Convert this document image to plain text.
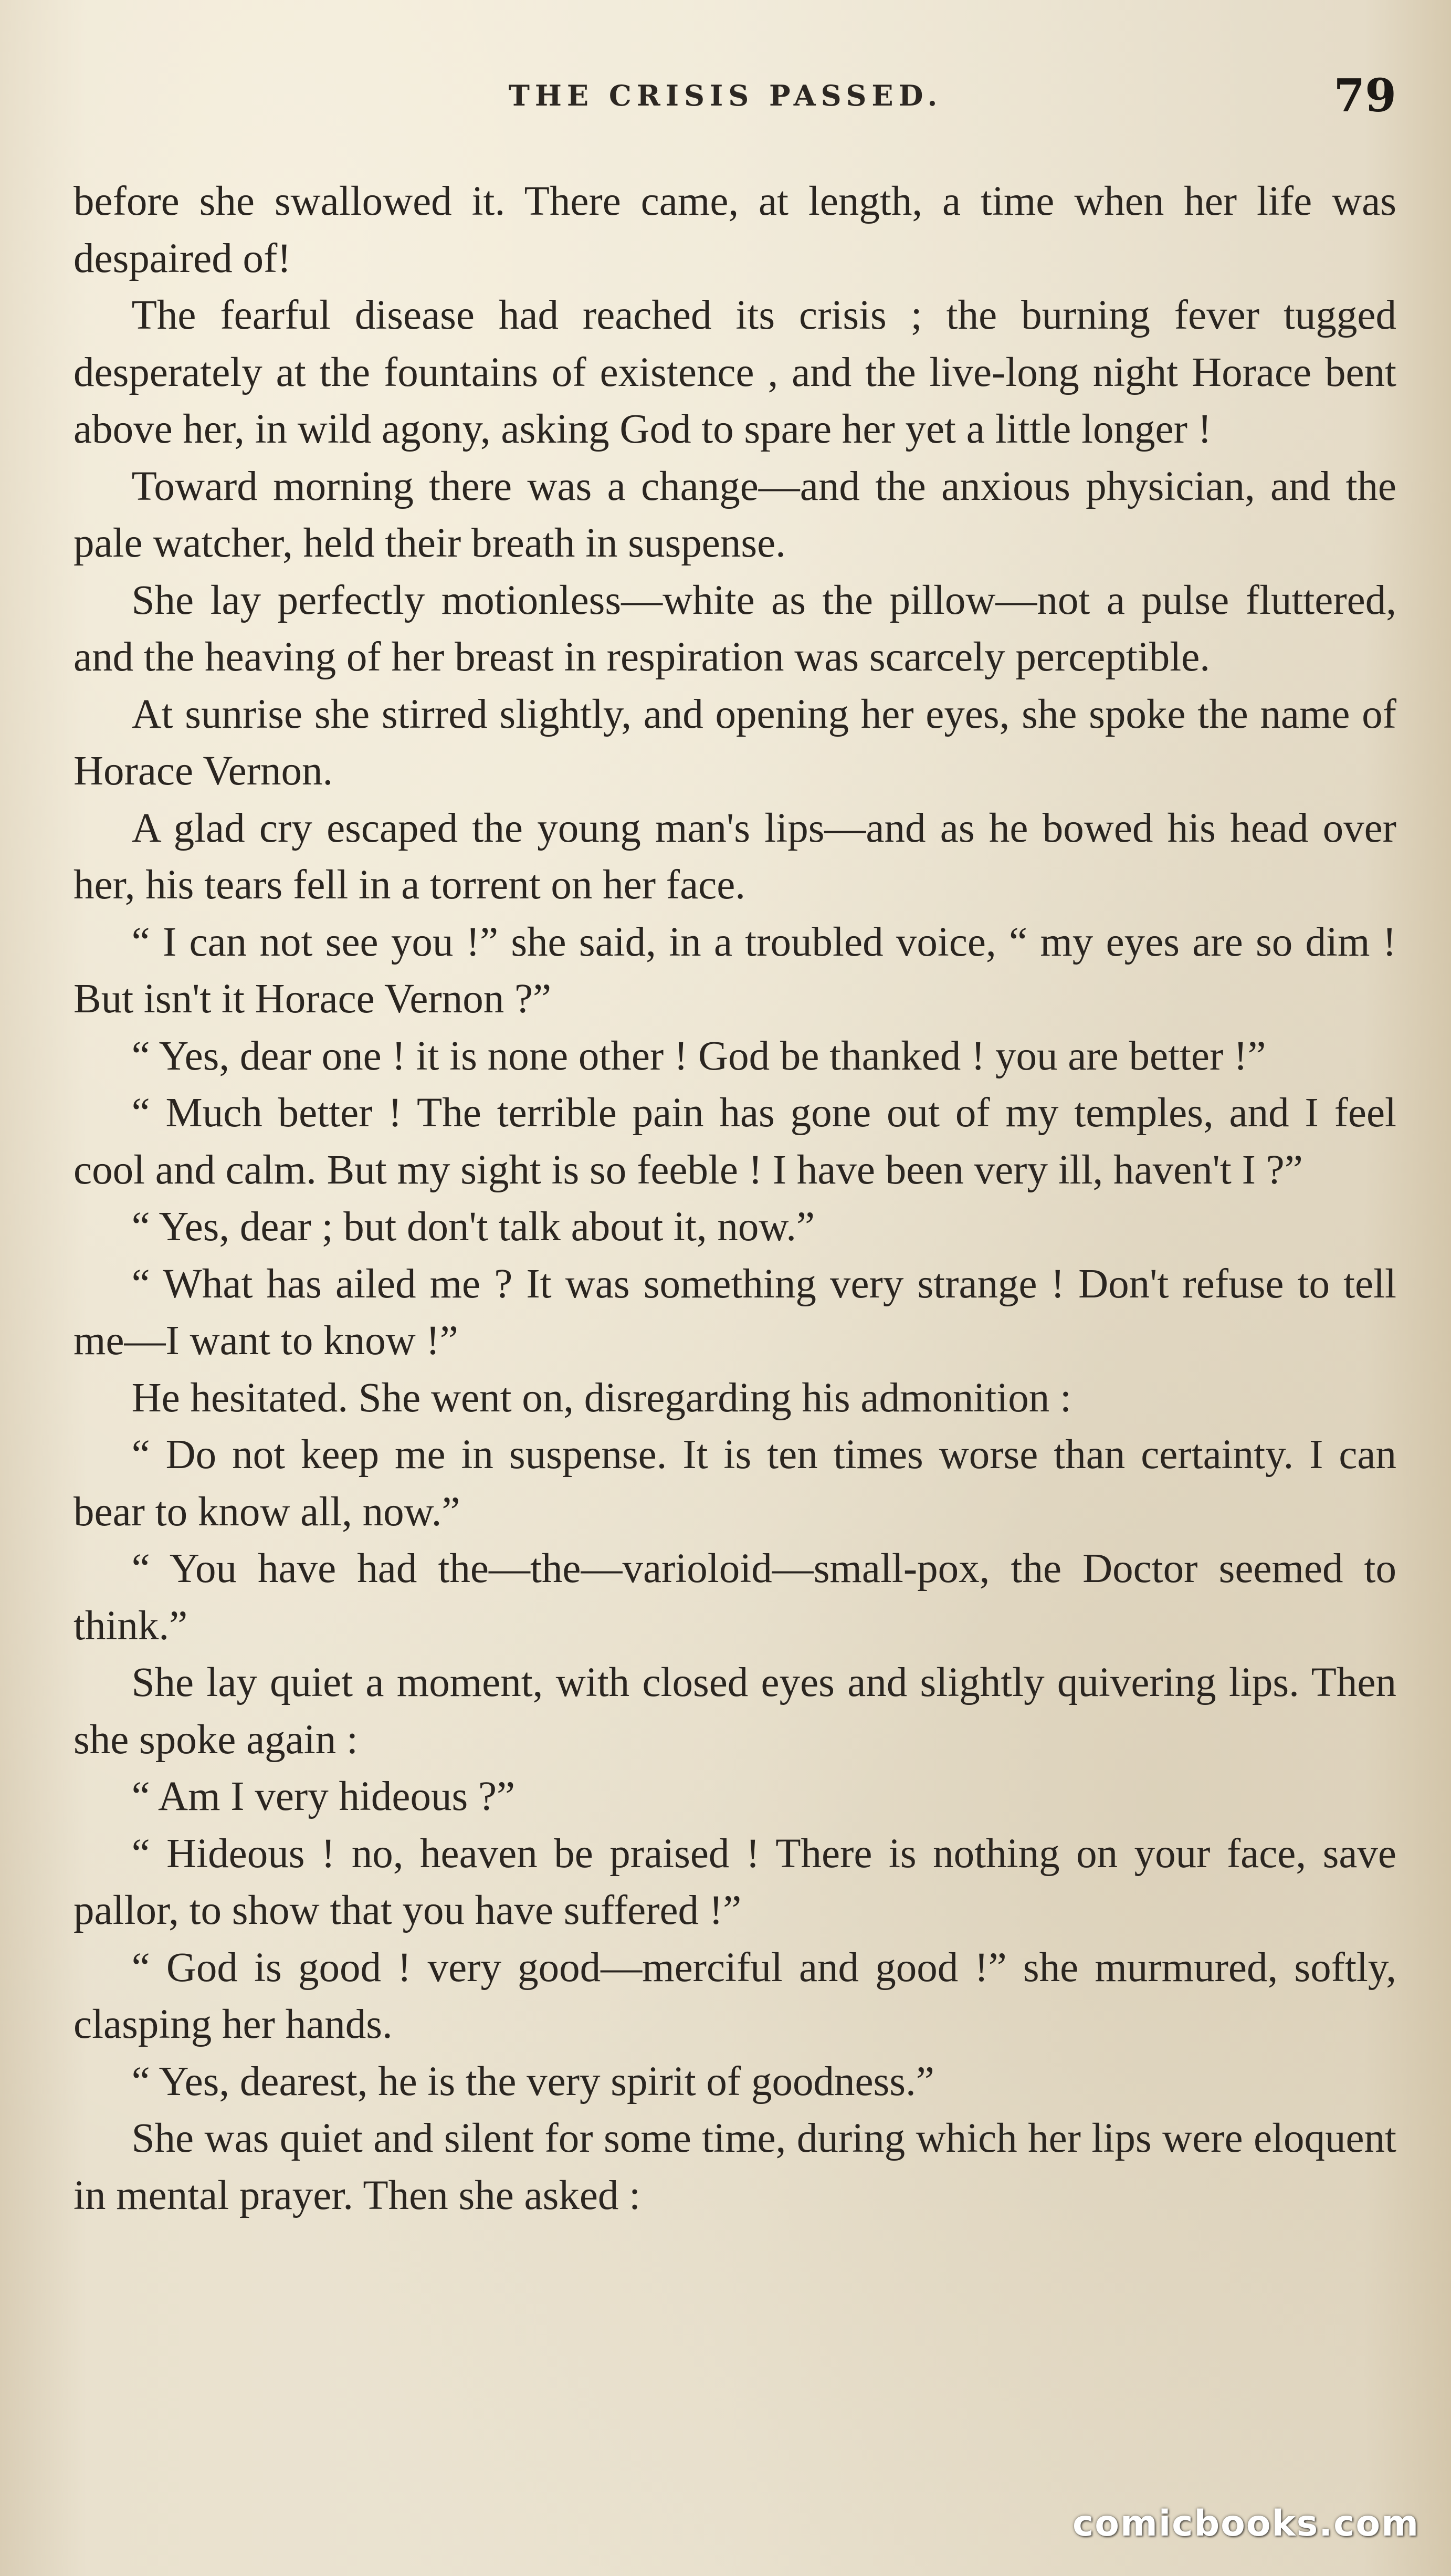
THE CRISIS PASSED.	79

before she swallowed it. There came, at length, a time when her life was despaired of!

The fearful disease had reached its crisis ; the burning fever tugged desperately at the fountains of existence , and the live-long night Horace bent above her, in wild agony, asking God to spare her yet a little longer !

Toward morning there was a change—and the anxious physician, and the pale watcher, held their breath in suspense.

She lay perfectly motionless—white as the pillow—not a pulse fluttered, and the heaving of her breast in respiration was scarcely perceptible.

At sunrise she stirred slightly, and opening her eyes, she spoke the name of Horace Vernon.

A glad cry escaped the young man's lips—and as he bowed his head over her, his tears fell in a torrent on her face.

“ I can not see you !” she said, in a troubled voice, “ my eyes are so dim ! But isn't it Horace Vernon ?”

“ Yes, dear one ! it is none other ! God be thanked ! you are better !”

“ Much better ! The terrible pain has gone out of my temples, and I feel cool and calm. But my sight is so feeble ! I have been very ill, haven't I ?”

“ Yes, dear ; but don't talk about it, now.”

“ What has ailed me ? It was something very strange ! Don't refuse to tell me—I want to know !”

He hesitated. She went on, disregarding his admonition :

“ Do not keep me in suspense. It is ten times worse than certainty. I can bear to know all, now.”

“ You have had the—the—varioloid—small-pox, the Doctor seemed to think.”

She lay quiet a moment, with closed eyes and slightly quivering lips. Then she spoke again :

“ Am I very hideous ?”

“ Hideous ! no, heaven be praised ! There is nothing on your face, save pallor, to show that you have suffered !”

“ God is good ! very good—merciful and good !” she murmured, softly, clasping her hands.

“ Yes, dearest, he is the very spirit of goodness.”

She was quiet and silent for some time, during which her lips were eloquent in mental prayer. Then she asked :

comicbooks.com
